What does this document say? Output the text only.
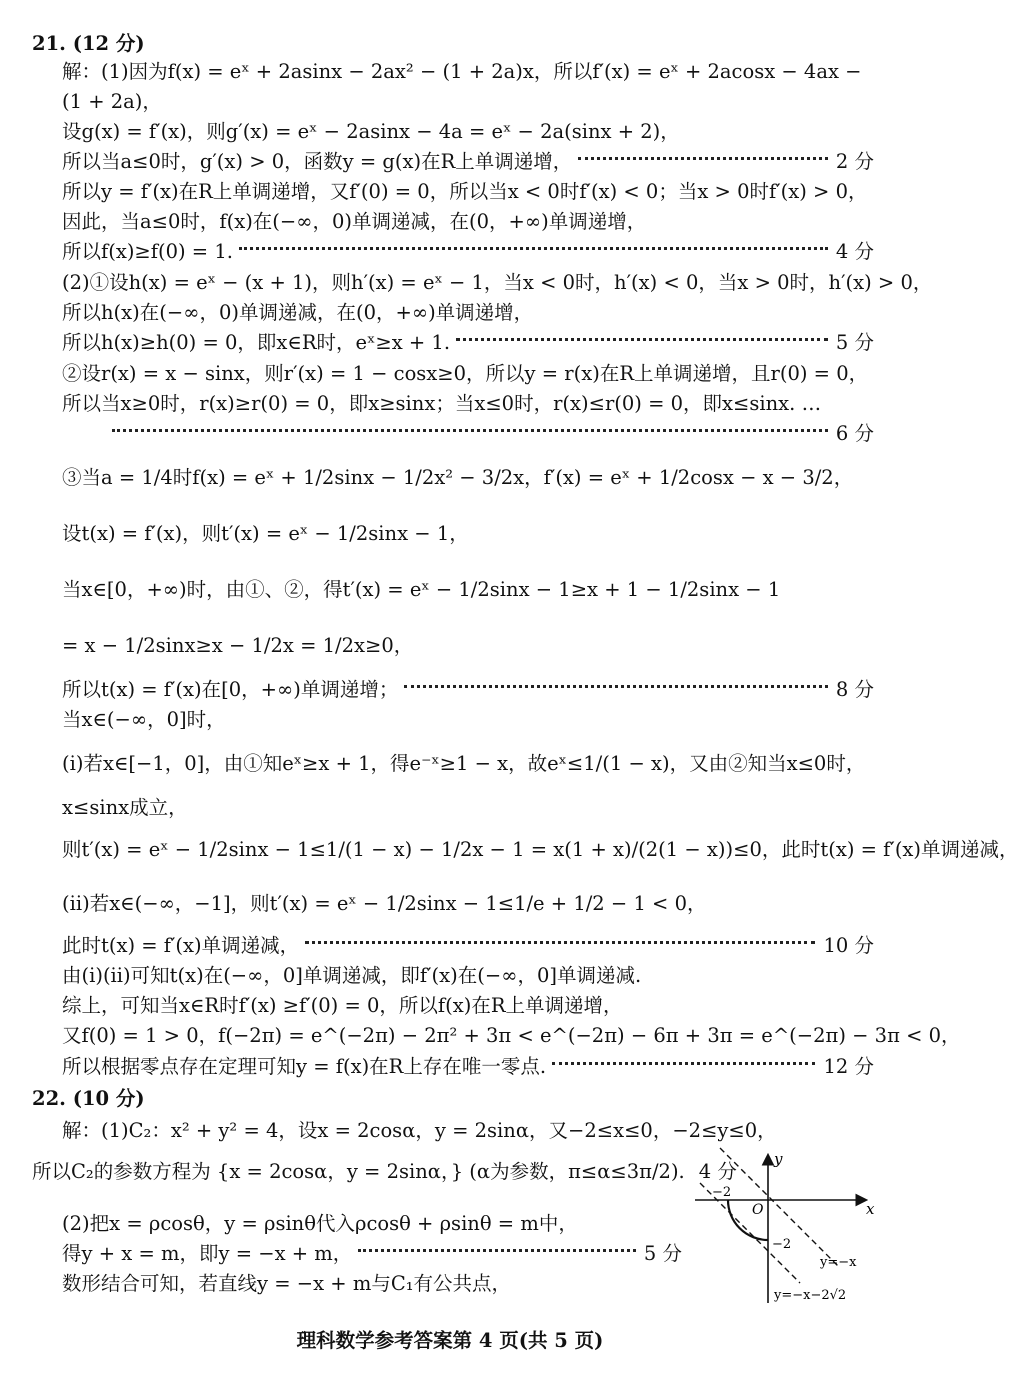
21. (12 分)
解：(1)因为f(x) = eˣ + 2asinx − 2ax² − (1 + 2a)x，所以f′(x) = eˣ + 2acosx − 4ax −
(1 + 2a)，
设g(x) = f′(x)，则g′(x) = eˣ − 2asinx − 4a = eˣ − 2a(sinx + 2)，
所以当a≤0时，g′(x) > 0，函数y = g(x)在R上单调递增，	2 分
所以y = f′(x)在R上单调递增，又f′(0) = 0，所以当x < 0时f′(x) < 0；当x > 0时f′(x) > 0，
因此，当a≤0时，f(x)在(−∞，0)单调递减，在(0，+∞)单调递增，
所以f(x)≥f(0) = 1.	4 分
(2)①设h(x) = eˣ − (x + 1)，则h′(x) = eˣ − 1，当x < 0时，h′(x) < 0，当x > 0时，h′(x) > 0，
所以h(x)在(−∞，0)单调递减，在(0，+∞)单调递增，
所以h(x)≥h(0) = 0，即x∈R时，eˣ≥x + 1.	5 分
②设r(x) = x − sinx，则r′(x) = 1 − cosx≥0，所以y = r(x)在R上单调递增，且r(0) = 0，
所以当x≥0时，r(x)≥r(0) = 0，即x≥sinx；当x≤0时，r(x)≤r(0) = 0，即x≤sinx. …
6 分
③当a = 1/4时f(x) = eˣ + 1/2sinx − 1/2x² − 3/2x，f′(x) = eˣ + 1/2cosx − x − 3/2，
设t(x) = f′(x)，则t′(x) = eˣ − 1/2sinx − 1，
当x∈[0，+∞)时，由①、②，得t′(x) = eˣ − 1/2sinx − 1≥x + 1 − 1/2sinx − 1
= x − 1/2sinx≥x − 1/2x = 1/2x≥0，
所以t(x) = f′(x)在[0，+∞)单调递增；	8 分
当x∈(−∞，0]时，
(i)若x∈[−1，0]，由①知eˣ≥x + 1，得e⁻ˣ≥1 − x，故eˣ≤1/(1 − x)，又由②知当x≤0时，
x≤sinx成立，
则t′(x) = eˣ − 1/2sinx − 1≤1/(1 − x) − 1/2x − 1 = x(1 + x)/(2(1 − x))≤0，此时t(x) = f′(x)单调递减，
(ii)若x∈(−∞，−1]，则t′(x) = eˣ − 1/2sinx − 1≤1/e + 1/2 − 1 < 0，
此时t(x) = f′(x)单调递减，	10 分
由(i)(ii)可知t(x)在(−∞，0]单调递减，即f′(x)在(−∞，0]单调递减.
综上，可知当x∈R时f′(x) ≥f′(0) = 0，所以f(x)在R上单调递增，
又f(0) = 1 > 0，f(−2π) = e^(−2π) − 2π² + 3π < e^(−2π) − 6π + 3π = e^(−2π) − 3π < 0，
所以根据零点存在定理可知y = f(x)在R上存在唯一零点.	12 分
22. (10 分)
解：(1)C₂：x² + y² = 4，设x = 2cosα，y = 2sinα，又−2≤x≤0，−2≤y≤0，
所以C₂的参数方程为 {x = 2cosα，y = 2sinα，} (α为参数，π≤α≤3π/2). 4 分
(2)把x = ρcosθ，y = ρsinθ代入ρcosθ + ρsinθ = m中，
得y + x = m，即y = −x + m，	5 分
数形结合可知，若直线y = −x + m与C₁有公共点，
x
y
O
−2
−2
y=−x
y=−x−2√2
理科数学参考答案第 4 页(共 5 页)
